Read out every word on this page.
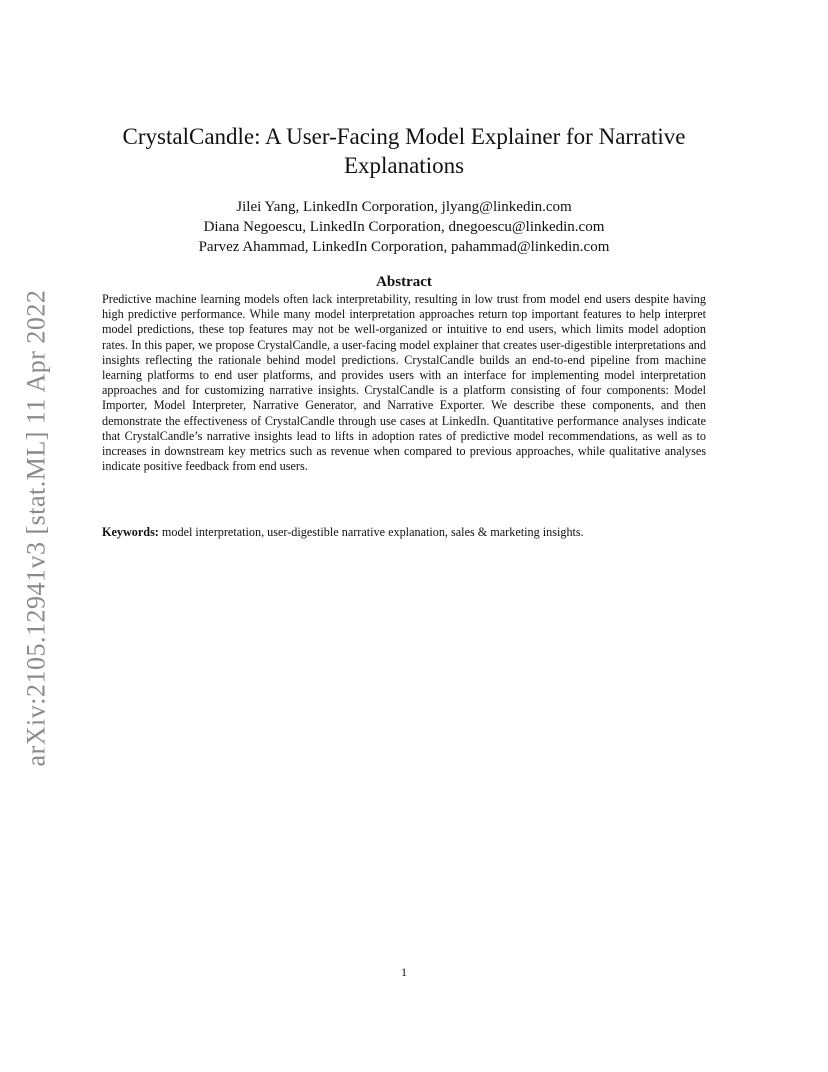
arXiv:2105.12941v3 [stat.ML] 11 Apr 2022
CrystalCandle: A User-Facing Model Explainer for Narrative Explanations
Jilei Yang, LinkedIn Corporation, jlyang@linkedin.com
Diana Negoescu, LinkedIn Corporation, dnegoescu@linkedin.com
Parvez Ahammad, LinkedIn Corporation, pahammad@linkedin.com
Abstract

Predictive machine learning models often lack interpretability, resulting in low trust from model end users despite having high predictive performance. While many model interpretation approaches return top important features to help interpret model predictions, these top features may not be well-organized or intuitive to end users, which limits model adoption rates. In this paper, we propose CrystalCandle, a user-facing model explainer that creates user-digestible interpretations and insights reflecting the rationale behind model predictions. CrystalCandle builds an end-to-end pipeline from machine learning platforms to end user platforms, and provides users with an interface for implementing model interpretation approaches and for customizing narrative insights. CrystalCandle is a platform consisting of four components: Model Importer, Model Interpreter, Narrative Generator, and Narrative Exporter. We describe these components, and then demonstrate the effectiveness of CrystalCandle through use cases at LinkedIn. Quantitative performance analyses indicate that CrystalCandle’s narrative insights lead to lifts in adoption rates of predictive model recommendations, as well as to increases in downstream key metrics such as revenue when compared to previous approaches, while qualitative analyses indicate positive feedback from end users.

Keywords: model interpretation, user-digestible narrative explanation, sales & marketing insights.

1
